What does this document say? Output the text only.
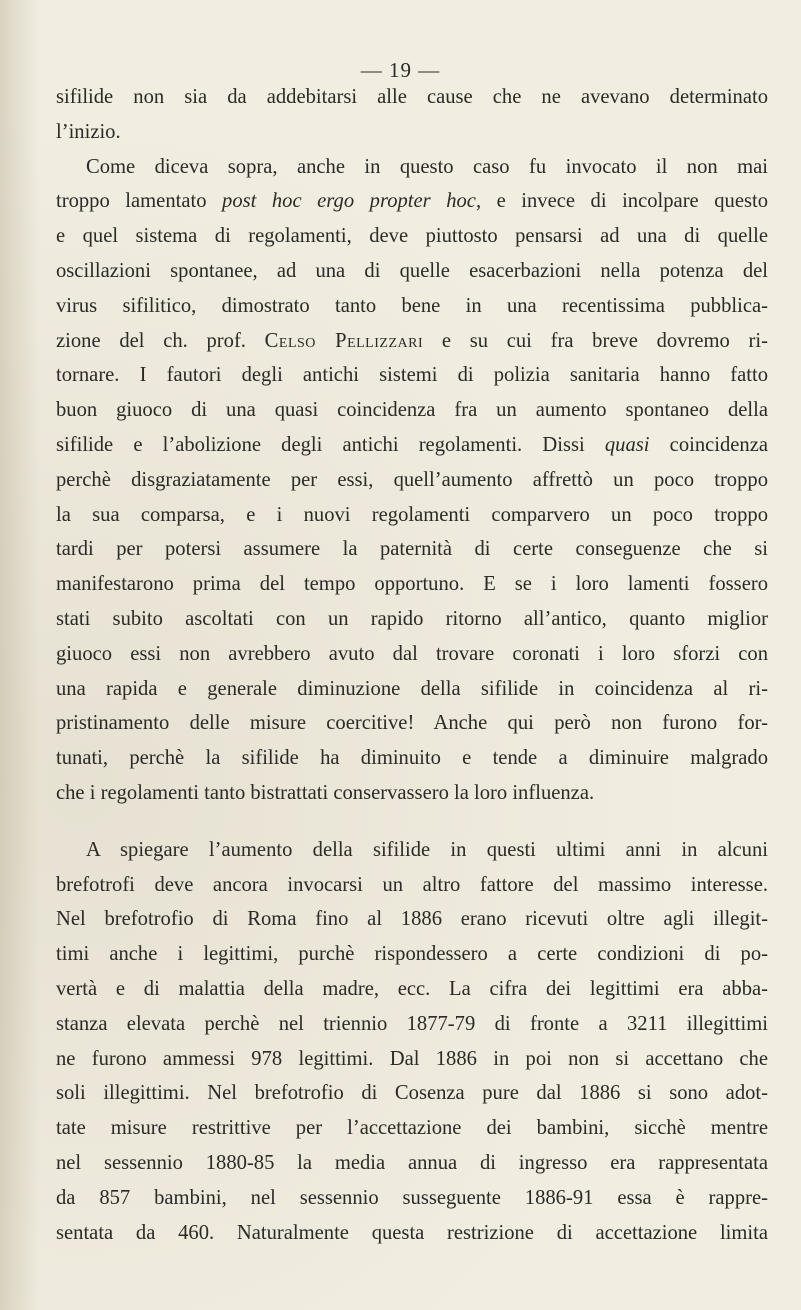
— 19 —
sifilide non sia da addebitarsi alle cause che ne avevano determinato
l’inizio.
Come diceva sopra, anche in questo caso fu invocato il non mai
troppo lamentato post hoc ergo propter hoc, e invece di incolpare questo
e quel sistema di regolamenti, deve piuttosto pensarsi ad una di quelle
oscillazioni spontanee, ad una di quelle esacerbazioni nella potenza del
virus sifilitico, dimostrato tanto bene in una recentissima pubblica-
zione del ch. prof. Celso Pellizzari e su cui fra breve dovremo ri-
tornare. I fautori degli antichi sistemi di polizia sanitaria hanno fatto
buon giuoco di una quasi coincidenza fra un aumento spontaneo della
sifilide e l’abolizione degli antichi regolamenti. Dissi quasi coincidenza
perchè disgraziatamente per essi, quell’aumento affrettò un poco troppo
la sua comparsa, e i nuovi regolamenti comparvero un poco troppo
tardi per potersi assumere la paternità di certe conseguenze che si
manifestarono prima del tempo opportuno. E se i loro lamenti fossero
stati subito ascoltati con un rapido ritorno all’antico, quanto miglior
giuoco essi non avrebbero avuto dal trovare coronati i loro sforzi con
una rapida e generale diminuzione della sifilide in coincidenza al ri-
pristinamento delle misure coercitive! Anche qui però non furono for-
tunati, perchè la sifilide ha diminuito e tende a diminuire malgrado
che i regolamenti tanto bistrattati conservassero la loro influenza.
A spiegare l’aumento della sifilide in questi ultimi anni in alcuni
brefotrofi deve ancora invocarsi un altro fattore del massimo interesse.
Nel brefotrofio di Roma fino al 1886 erano ricevuti oltre agli illegit-
timi anche i legittimi, purchè rispondessero a certe condizioni di po-
vertà e di malattia della madre, ecc. La cifra dei legittimi era abba-
stanza elevata perchè nel triennio 1877-79 di fronte a 3211 illegittimi
ne furono ammessi 978 legittimi. Dal 1886 in poi non si accettano che
soli illegittimi. Nel brefotrofio di Cosenza pure dal 1886 si sono adot-
tate misure restrittive per l’accettazione dei bambini, sicchè mentre
nel sessennio 1880-85 la media annua di ingresso era rappresentata
da 857 bambini, nel sessennio susseguente 1886-91 essa è rappre-
sentata da 460. Naturalmente questa restrizione di accettazione limita
